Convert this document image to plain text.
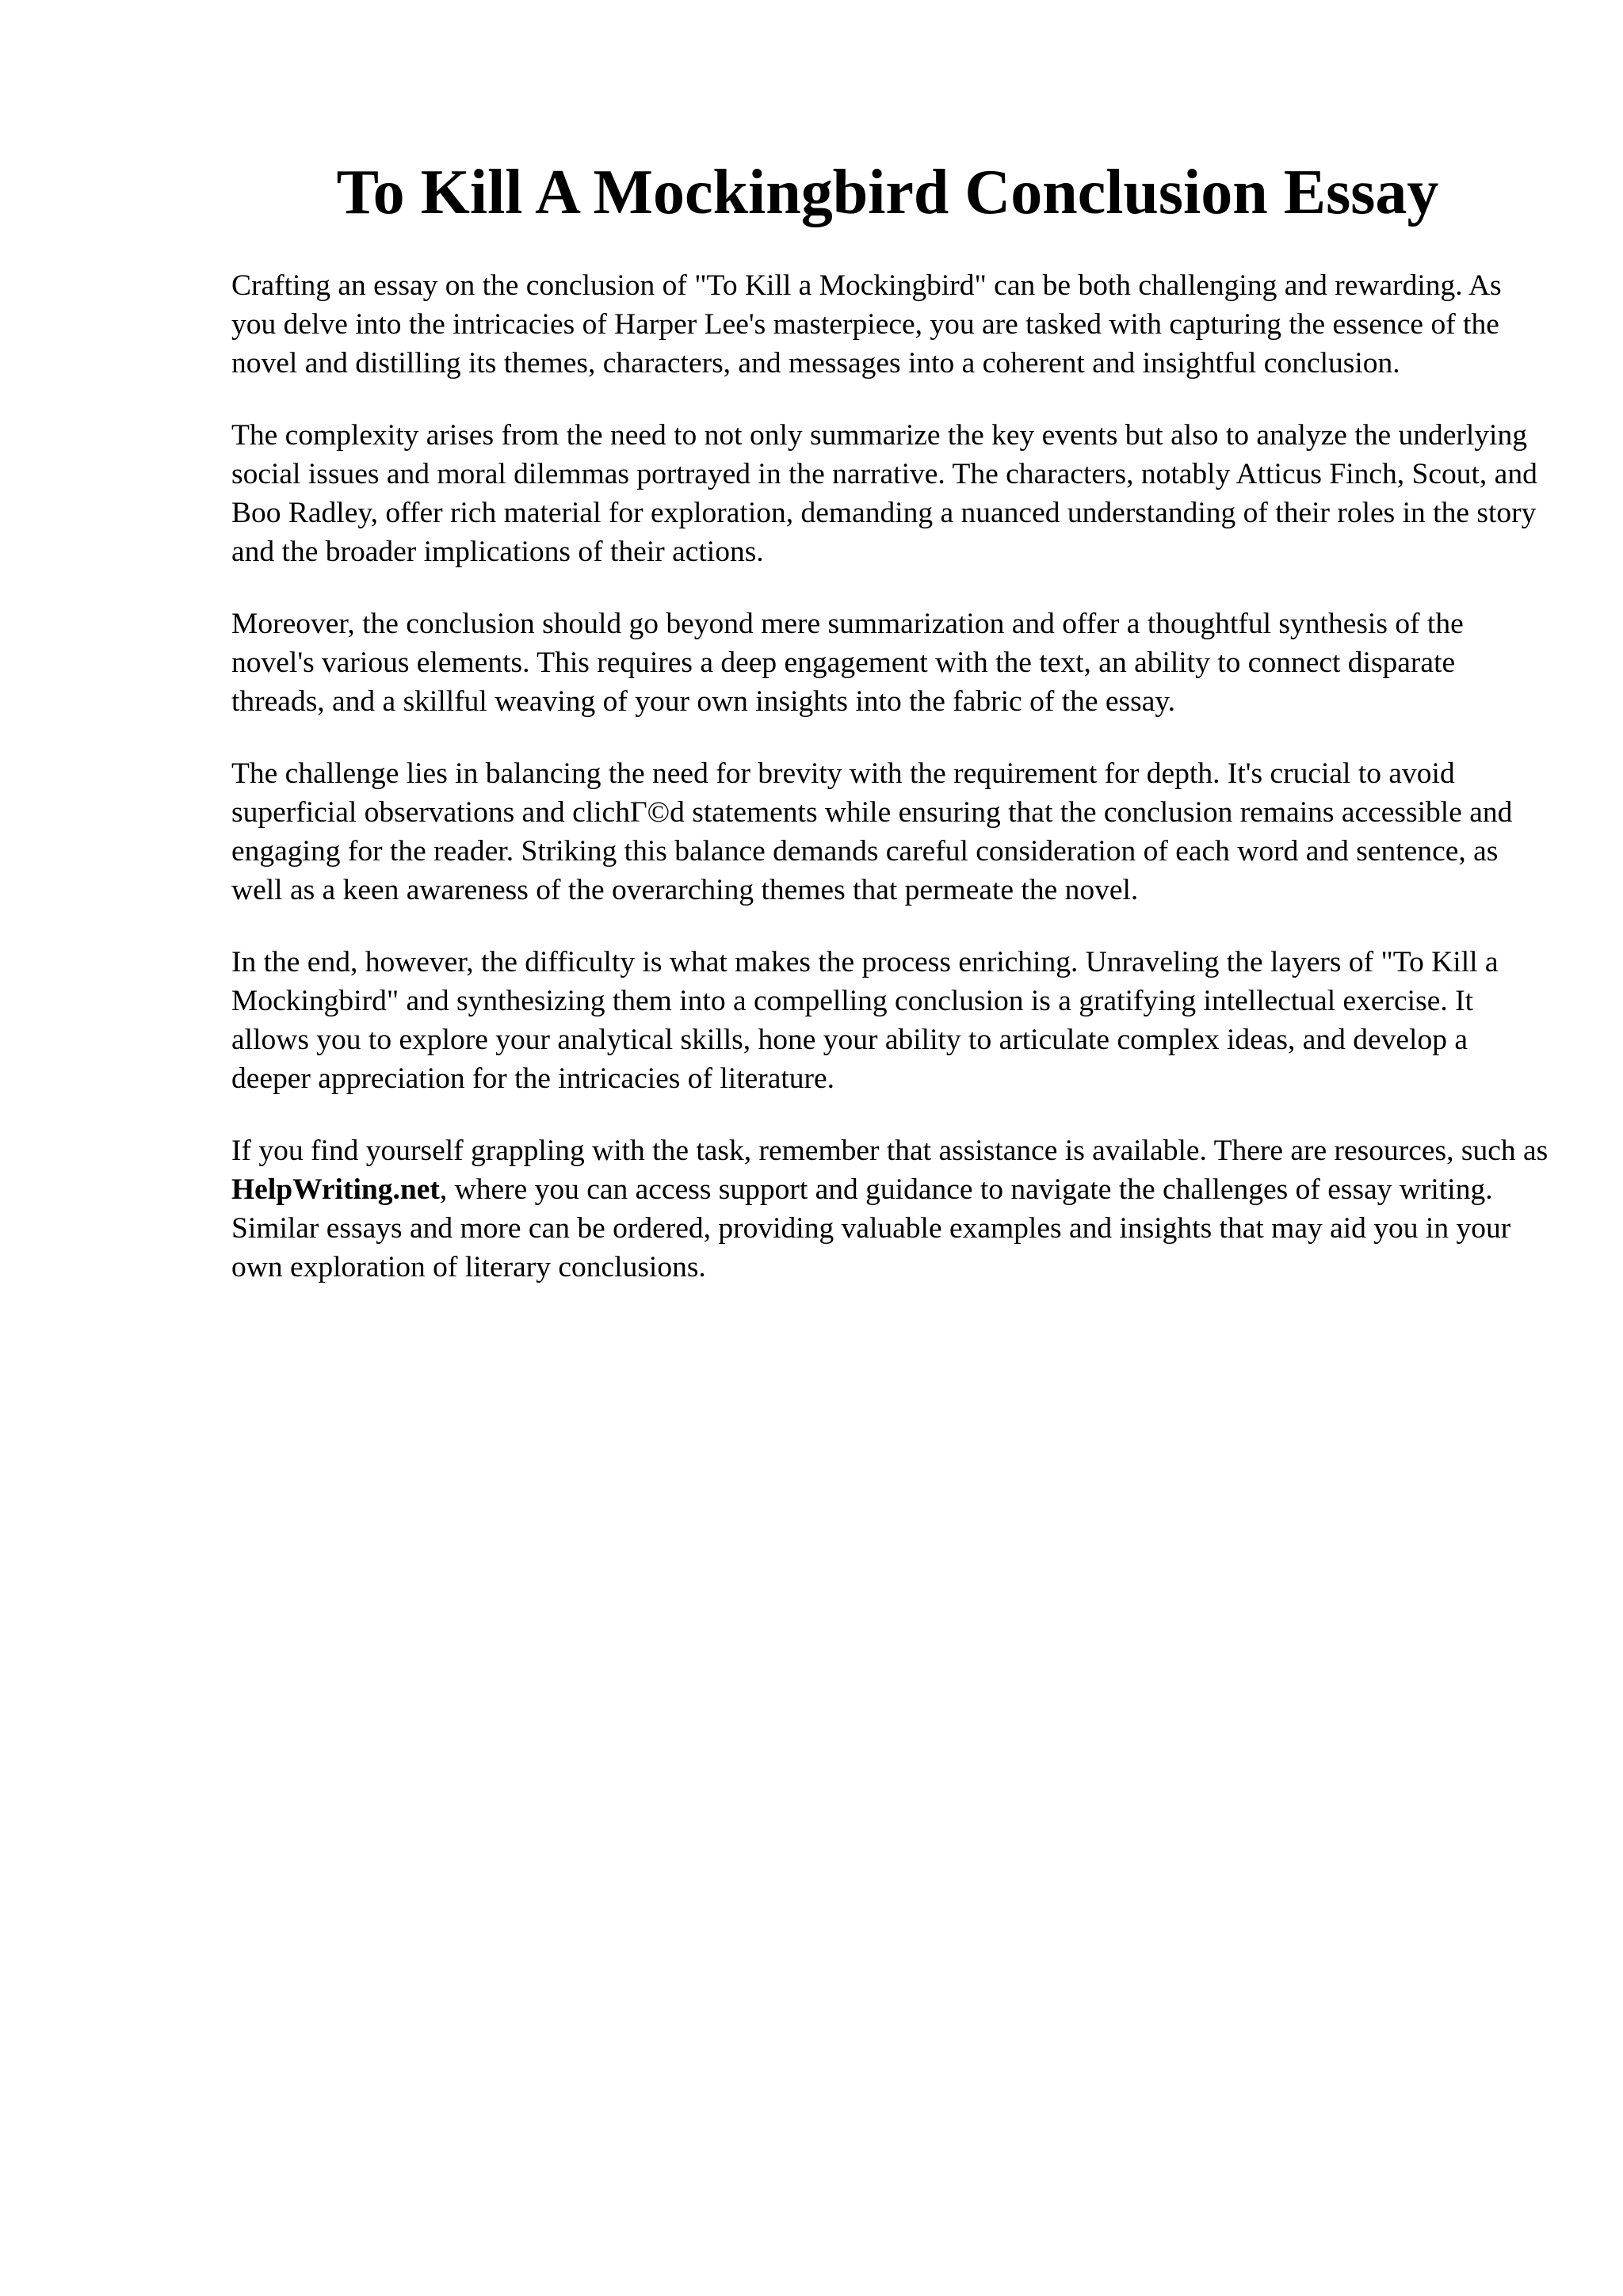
To Kill A Mockingbird Conclusion Essay

Crafting an essay on the conclusion of "To Kill a Mockingbird" can be both challenging and rewarding. As you delve into the intricacies of Harper Lee's masterpiece, you are tasked with capturing the essence of the novel and distilling its themes, characters, and messages into a coherent and insightful conclusion.

The complexity arises from the need to not only summarize the key events but also to analyze the underlying social issues and moral dilemmas portrayed in the narrative. The characters, notably Atticus Finch, Scout, and Boo Radley, offer rich material for exploration, demanding a nuanced understanding of their roles in the story and the broader implications of their actions.

Moreover, the conclusion should go beyond mere summarization and offer a thoughtful synthesis of the novel's various elements. This requires a deep engagement with the text, an ability to connect disparate threads, and a skillful weaving of your own insights into the fabric of the essay.

The challenge lies in balancing the need for brevity with the requirement for depth. It's crucial to avoid superficial observations and clichΓ©d statements while ensuring that the conclusion remains accessible and engaging for the reader. Striking this balance demands careful consideration of each word and sentence, as well as a keen awareness of the overarching themes that permeate the novel.

In the end, however, the difficulty is what makes the process enriching. Unraveling the layers of "To Kill a Mockingbird" and synthesizing them into a compelling conclusion is a gratifying intellectual exercise. It allows you to explore your analytical skills, hone your ability to articulate complex ideas, and develop a deeper appreciation for the intricacies of literature.

If you find yourself grappling with the task, remember that assistance is available. There are resources, such as HelpWriting.net, where you can access support and guidance to navigate the challenges of essay writing. Similar essays and more can be ordered, providing valuable examples and insights that may aid you in your own exploration of literary conclusions.
